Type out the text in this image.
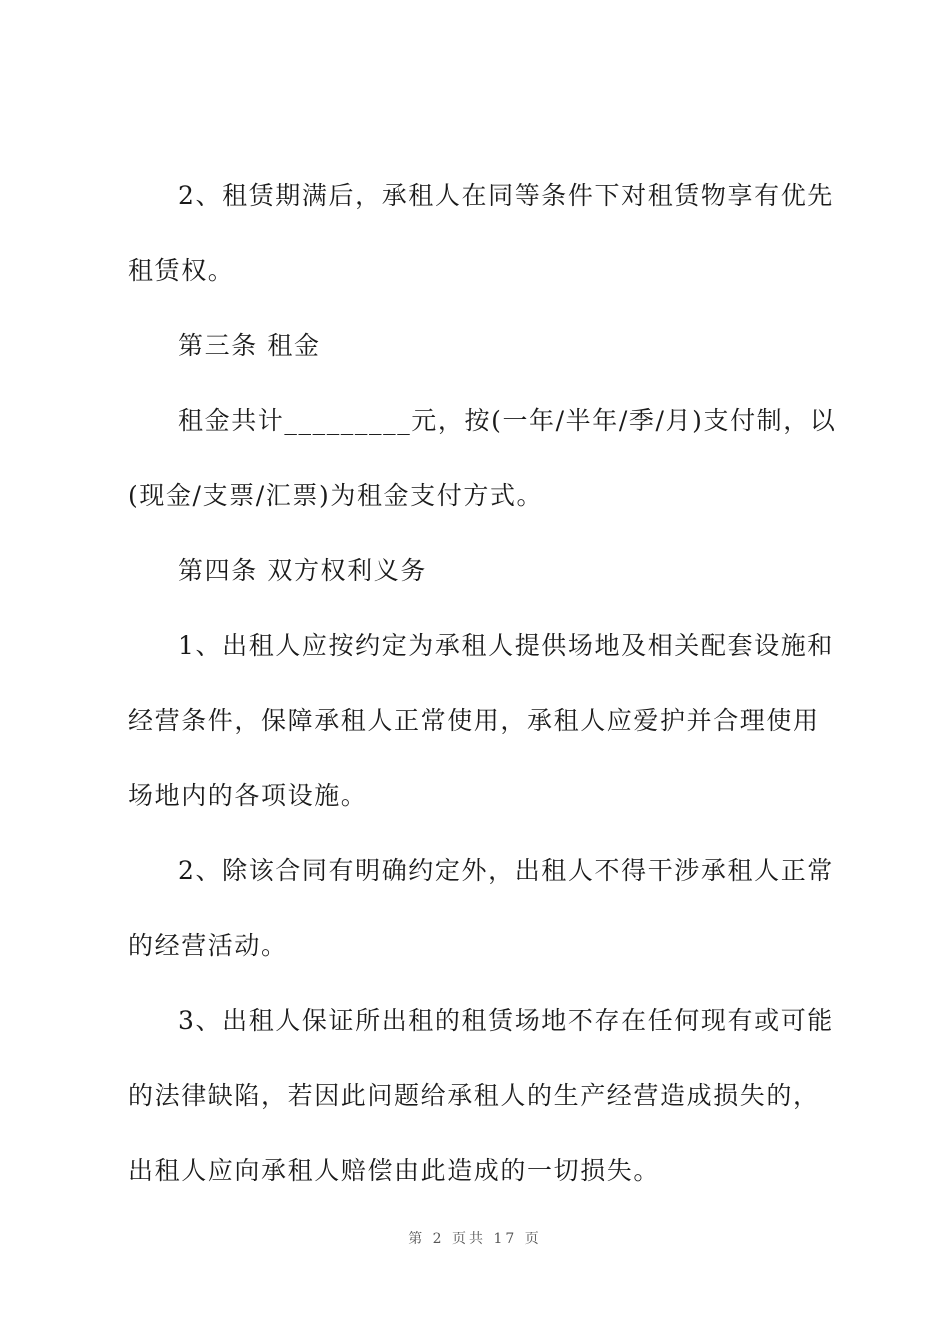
2、租赁期满后，承租人在同等条件下对租赁物享有优先租赁权。

第三条 租金

租金共计_________元，按(一年/半年/季/月)支付制，以(现金/支票/汇票)为租金支付方式。

第四条 双方权利义务

1、出租人应按约定为承租人提供场地及相关配套设施和经营条件，保障承租人正常使用，承租人应爱护并合理使用场地内的各项设施。

2、除该合同有明确约定外，出租人不得干涉承租人正常的经营活动。

3、出租人保证所出租的租赁场地不存在任何现有或可能的法律缺陷，若因此问题给承租人的生产经营造成损失的，出租人应向承租人赔偿由此造成的一切损失。

第 2 页共 17 页
